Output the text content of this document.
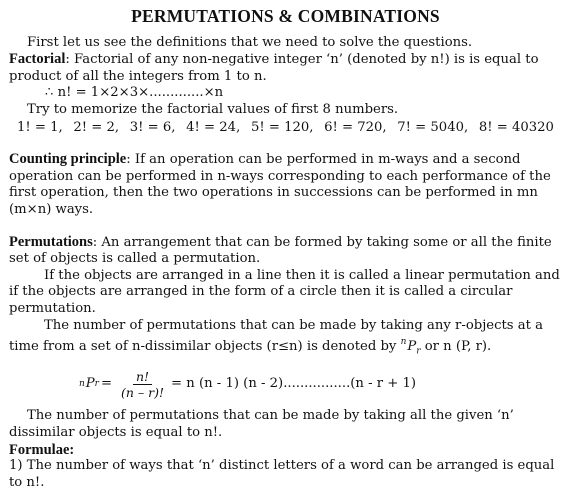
PERMUTATIONS & COMBINATIONS

First let us see the definitions that we need to solve the questions.

Factorial: Factorial of any non-negative integer ‘n’ (denoted by n!) is is equal to product of all the integers from 1 to n.

∴ n! = 1×2×3×.............×n

Try to memorize the factorial values of first 8 numbers.

1! = 1, 2! = 2, 3! = 6, 4! = 24, 5! = 120, 6! = 720, 7! = 5040, 8! = 40320

Counting principle: If an operation can be performed in m-ways and a second operation can be performed in n-ways corresponding to each performance of the first operation, then the two operations in successions can be performed in mn (m×n) ways.

Permutations: An arrangement that can be formed by taking some or all the finite set of objects is called a permutation.

If the objects are arranged in a line then it is called a linear permutation and if the objects are arranged in the form of a circle then it is called a circular permutation.

The number of permutations that can be made by taking any r-objects at a time from a set of n-dissimilar objects (r≤n) is denoted by $^nP_r$ or n (P, r).

n P $r = \frac{n!}{(n - r)!} = n$ (n - 1) (n - 2)................(n - r + 1)

The number of permutations that can be made by taking all the given ‘n’ dissimilar objects is equal to n!.

Formulae:

1) The number of ways that ‘n’ distinct letters of a word can be arranged is equal to n!.
